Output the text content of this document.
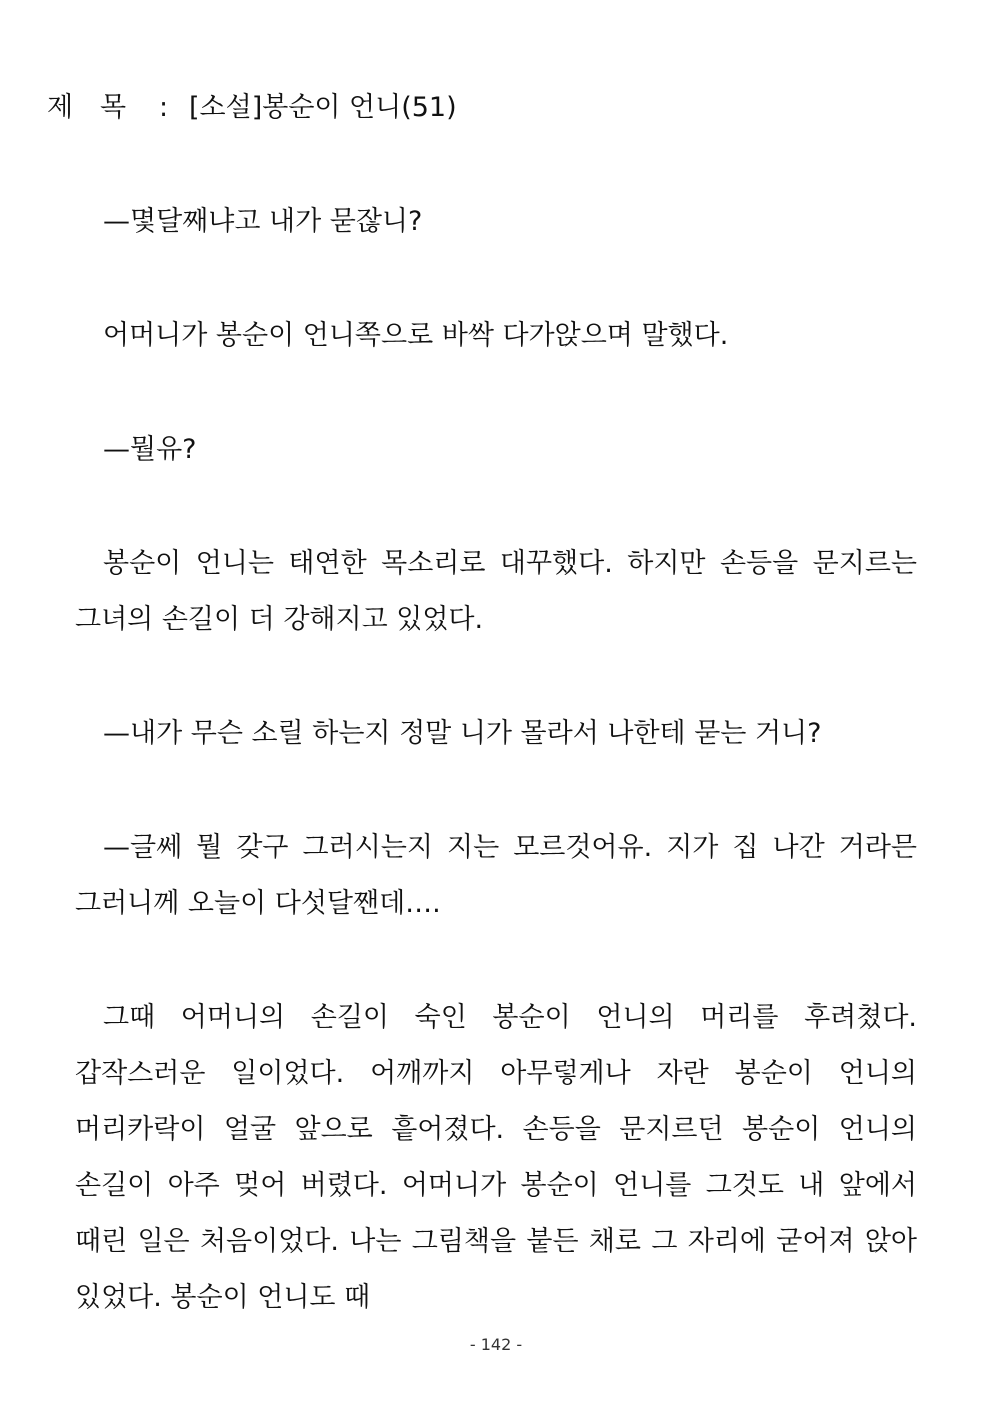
제 목 : [소설]봉순이 언니(51)

—몇달째냐고 내가 묻잖니?

어머니가 봉순이 언니쪽으로 바싹 다가앉으며 말했다.

—뭘유?

봉순이 언니는 태연한 목소리로 대꾸했다. 하지만 손등을 문지르는 그녀의 손길이 더 강해지고 있었다.

—내가 무슨 소릴 하는지 정말 니가 몰라서 나한테 묻는 거니?

—글쎄 뭘 갖구 그러시는지 지는 모르것어유. 지가 집 나간 거라믄 그러니께 오늘이 다섯달짼데….

그때 어머니의 손길이 숙인 봉순이 언니의 머리를 후려쳤다. 갑작스러운 일이었다. 어깨까지 아무렇게나 자란 봉순이 언니의 머리카락이 얼굴 앞으로 흩어졌다. 손등을 문지르던 봉순이 언니의 손길이 아주 멎어 버렸다. 어머니가 봉순이 언니를 그것도 내 앞에서 때린 일은 처음이었다. 나는 그림책을 붙든 채로 그 자리에 굳어져 앉아 있었다. 봉순이 언니도 때

- 142 -
